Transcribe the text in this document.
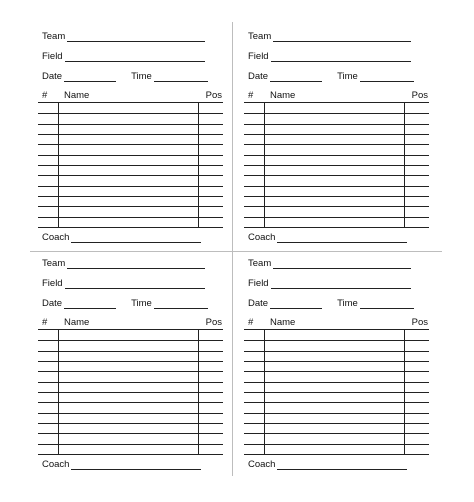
Team
Field
Date	Time
# Name	Pos
Coach
Team
Field
Date	Time
# Name	Pos
Coach
Team
Field
Date	Time
# Name	Pos
Coach
Team
Field
Date	Time
# Name	Pos
Coach
